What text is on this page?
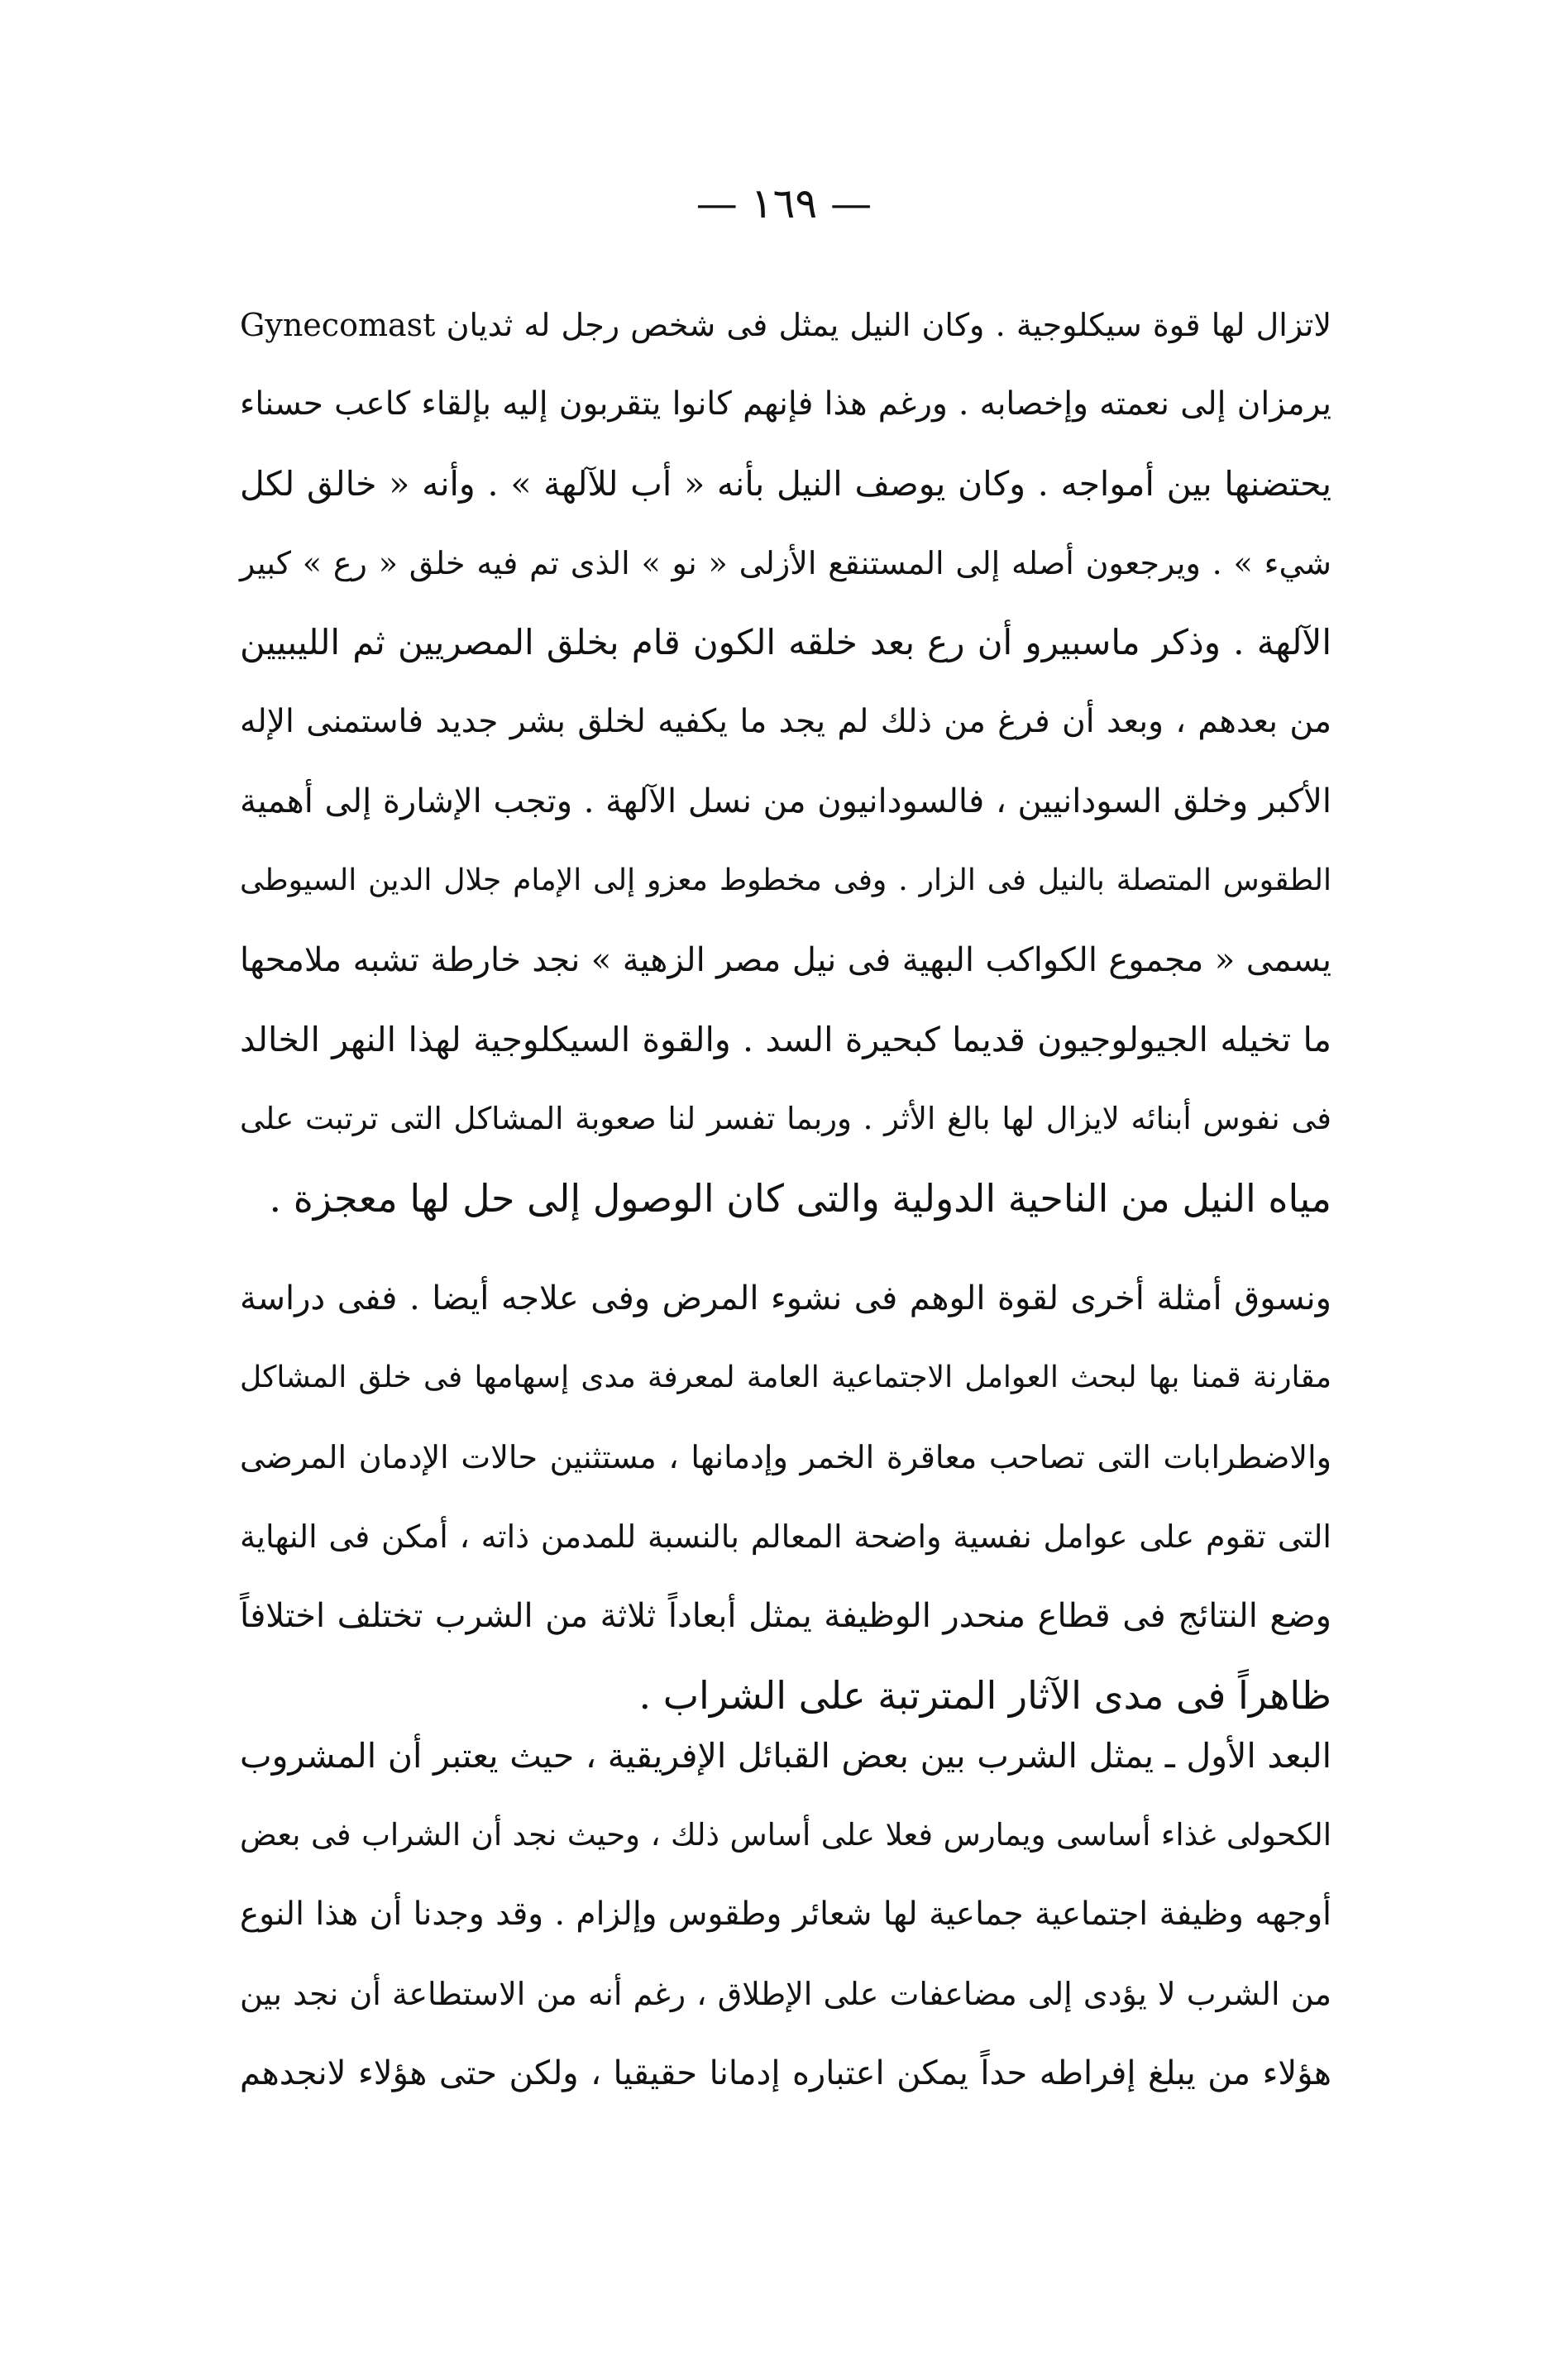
— ١٦٩ —
لاتزال لها قوة سيكلوجية . وكان النيل يمثل فى شخص رجل له ثديان Gynecomast
يرمزان إلى نعمته وإخصابه . ورغم هذا فإنهم كانوا يتقربون إليه بإلقاء كاعب حسناء
يحتضنها بين أمواجه . وكان يوصف النيل بأنه « أب للآلهة » . وأنه « خالق لكل
شيء » . ويرجعون أصله إلى المستنقع الأزلى « نو » الذى تم فيه خلق « رع » كبير
الآلهة . وذكر ماسبيرو أن رع بعد خلقه الكون قام بخلق المصريين ثم الليبيين
من بعدهم ، وبعد أن فرغ من ذلك لم يجد ما يكفيه لخلق بشر جديد فاستمنى الإله
الأكبر وخلق السودانيين ، فالسودانيون من نسل الآلهة . وتجب الإشارة إلى أهمية
الطقوس المتصلة بالنيل فى الزار . وفى مخطوط معزو إلى الإمام جلال الدين السيوطى
يسمى « مجموع الكواكب البهية فى نيل مصر الزهية » نجد خارطة تشبه ملامحها
ما تخيله الجيولوجيون قديما كبحيرة السد . والقوة السيكلوجية لهذا النهر الخالد
فى نفوس أبنائه لايزال لها بالغ الأثر . وربما تفسر لنا صعوبة المشاكل التى ترتبت على
مياه النيل من الناحية الدولية والتى كان الوصول إلى حل لها معجزة .
ونسوق أمثلة أخرى لقوة الوهم فى نشوء المرض وفى علاجه أيضا . ففى دراسة
مقارنة قمنا بها لبحث العوامل الاجتماعية العامة لمعرفة مدى إسهامها فى خلق المشاكل
والاضطرابات التى تصاحب معاقرة الخمر وإدمانها ، مستثنين حالات الإدمان المرضى
التى تقوم على عوامل نفسية واضحة المعالم بالنسبة للمدمن ذاته ، أمكن فى النهاية
وضع النتائج فى قطاع منحدر الوظيفة يمثل أبعاداً ثلاثة من الشرب تختلف اختلافاً
ظاهراً فى مدى الآثار المترتبة على الشراب .
البعد الأول ـ يمثل الشرب بين بعض القبائل الإفريقية ، حيث يعتبر أن المشروب
الكحولى غذاء أساسى ويمارس فعلا على أساس ذلك ، وحيث نجد أن الشراب فى بعض
أوجهه وظيفة اجتماعية جماعية لها شعائر وطقوس وإلزام . وقد وجدنا أن هذا النوع
من الشرب لا يؤدى إلى مضاعفات على الإطلاق ، رغم أنه من الاستطاعة أن نجد بين
هؤلاء من يبلغ إفراطه حداً يمكن اعتباره إدمانا حقيقيا ، ولكن حتى هؤلاء لانجدهم
